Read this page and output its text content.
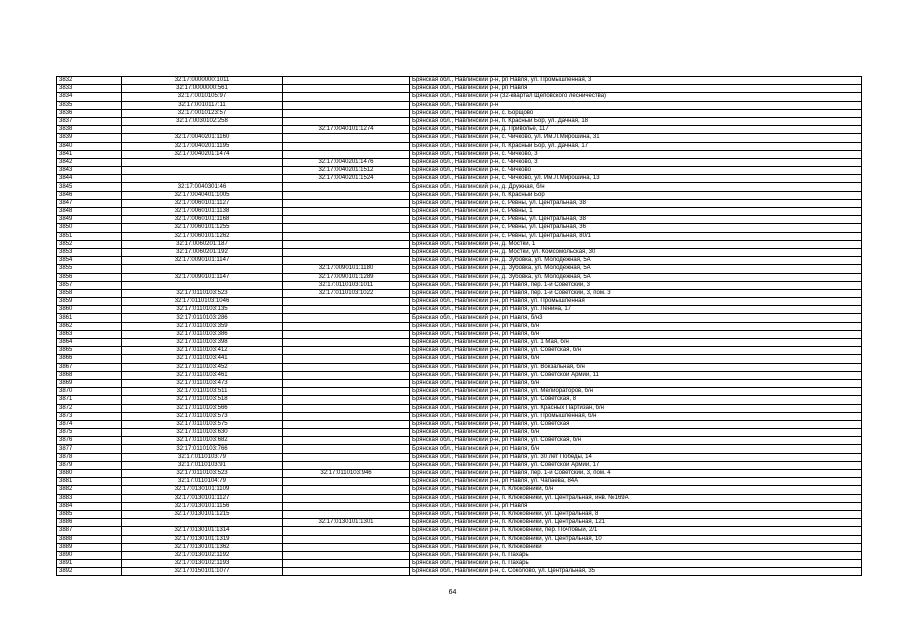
3832	32:17:0000000:1011		Брянская обл., Навлинский р-н, рп Навля, ул. Промышленная, 3
3833	32:17:0000000:561		Брянская обл., Навлинский р-н, рп Навля
3834	32:17:0010105:97		Брянская обл., Навлинский р-н (32-квартал Щеповского лесничества)
3835	32:17:0010117:11		Брянская обл., Навлинский р-н
3836	32:17:0010123:57		Брянская обл., Навлинский р-н, с. Борщово
3837	32:17:0030102:258		Брянская обл., Навлинский р-н, п. Красный Бор, ул. Дачная, 18
3838		32:17:0040101:1274	Брянская обл., Навлинский р-н, д. Приволье, 117
3839	32:17:0040201:1160		Брянская обл., Навлинский р-н, с. Чичково, ул. Им.Л.Мирошина, 31
3840	32:17:0040201:1195		Брянская обл., Навлинский р-н, п. Красный Бор, ул. Дачная, 17
3841	32:17:0040201:1474		Брянская обл., Навлинский р-н, с. Чичково, 3
3842		32:17:0040201:1476	Брянская обл., Навлинский р-н, с. Чичково, 3
3843		32:17:0040201:1512	Брянская обл., Навлинский р-н, с. Чичково
3844		32:17:0040201:1524	Брянская обл., Навлинский р-н, с. Чичково, ул. Им.Л.Мирошина, 13
3845	32:17:0040301:46		Брянская обл., Навлинский р-н, д. Дружная, б/н
3846	32:17:0040401:1005		Брянская обл., Навлинский р-н, п. Красный Бор
3847	32:17:0060101:1127		Брянская обл., Навлинский р-н, с. Ревны, ул. Центральная, 38
3848	32:17:0060101:1138		Брянская обл., Навлинский р-н, с. Ревны, 1
3849	32:17:0060101:1168		Брянская обл., Навлинский р-н, с. Ревны, ул. Центральная, 38
3850	32:17:0060101:1255		Брянская обл., Навлинский р-н, с. Ревны, ул. Центральная, 36
3851	32:17:0060101:1262		Брянская обл., Навлинский р-н, с. Ревны, ул. Центральная, 80/1
3852	32:17:0060201:187		Брянская обл., Навлинский р-н, д. Мостки, 1
3853	32:17:0060201:192		Брянская обл., Навлинский р-н, д. Мостки, ул. Комсомольская, 30
3854	32:17:0090101:1147		Брянская обл., Навлинский р-н, д. Зубовка, ул. Молодежная, 5А
3855		32:17:0090101:1180	Брянская обл., Навлинский р-н, д. Зубовка, ул. Молодежная, 5А
3856	32:17:0090101:1147	32:17:0090101:1289	Брянская обл., Навлинский р-н, д. Зубовка, ул. Молодежная, 5А
3857		32:17:0110103:1011	Брянская обл., Навлинский р-н, рп Навля, пер. 1-й Советский, 3
3858	32:17:0110103:523	32:17:0110103:1022	Брянская обл., Навлинский р-н, рп Навля, пер. 1-й Советский, 3, пом. 3
3859	32:17:0110103:1046		Брянская обл., Навлинский р-н, рп Навля, ул. Промышленная
3860	32:17:0110103:135		Брянская обл., Навлинский р-н, рп Навля, ул. Ленина, 17
3861	32:17:0110103:286		Брянская обл., Навлинский р-н, рп Навля, б/н3
3862	32:17:0110103:359		Брянская обл., Навлинский р-н, рп Навля, б/н
3863	32:17:0110103:386		Брянская обл., Навлинский р-н, рп Навля, б/н
3864	32:17:0110103:398		Брянская обл., Навлинский р-н, рп Навля, ул. 1 Мая, б/н
3865	32:17:0110103:412		Брянская обл., Навлинский р-н, рп Навля, ул. Советская, б/н
3866	32:17:0110103:441		Брянская обл., Навлинский р-н, рп Навля, б/н
3867	32:17:0110103:452		Брянская обл., Навлинский р-н, рп Навля, ул. Вокзальная, б/н
3868	32:17:0110103:461		Брянская обл., Навлинский р-н, рп Навля, ул. Советской Армии, 11
3869	32:17:0110103:473		Брянская обл., Навлинский р-н, рп Навля, б/н
3870	32:17:0110103:511		Брянская обл., Навлинский р-н, рп Навля, ул. Мелиораторов, б/н
3871	32:17:0110103:518		Брянская обл., Навлинский р-н, рп Навля, ул. Советская, 8
3872	32:17:0110103:566		Брянская обл., Навлинский р-н, рп Навля, ул. Красных Партизан, б/н
3873	32:17:0110103:573		Брянская обл., Навлинский р-н, рп Навля, ул. Промышленная, б/н
3874	32:17:0110103:575		Брянская обл., Навлинский р-н, рп Навля, ул. Советская
3875	32:17:0110103:630		Брянская обл., Навлинский р-н, рп Навля, б/н
3876	32:17:0110103:682		Брянская обл., Навлинский р-н, рп Навля, ул. Советская, б/н
3877	32:17:0110103:766		Брянская обл., Навлинский р-н, рп Навля, б/н
3878	32:17:0110103:79		Брянская обл., Навлинский р-н, рп Навля, ул. 30 лет Победы, 14
3879	32:17:0110103:91		Брянская обл., Навлинский р-н, рп Навля, ул. Советской Армии, 17
3880	32:17:0110103:523	32:17:0110103:946	Брянская обл., Навлинский р-н, рп Навля, пер. 1-й Советский, 3, пом. 4
3881	32:17:0110104:79		Брянская обл., Навлинский р-н, рп Навля, ул. Чапаева, 84А
3882	32:17:0130101:1109		Брянская обл., Навлинский р-н, п. Клюковники, б/н
3883	32:17:0130101:1127		Брянская обл., Навлинский р-н, п. Клюковники, ул. Центральная, инв. №169А
3884	32:17:0130101:1156		Брянская обл., Навлинский р-н, рп Навля
3885	32:17:0130101:1215		Брянская обл., Навлинский р-н, п. Клюковники, ул. Центральная, 8
3886		32:17:0130101:1301	Брянская обл., Навлинский р-н, п. Клюковники, ул. Центральная, 121
3887	32:17:0130101:1314		Брянская обл., Навлинский р-н, п. Клюковники, пер. Почтовый, 2/1
3888	32:17:0130101:1319		Брянская обл., Навлинский р-н, п. Клюковники, ул. Центральная, 10
3889	32:17:0130101:1362		Брянская обл., Навлинский р-н, п. Клюковники
3890	32:17:0130102:1192		Брянская обл., Навлинский р-н, п. Пахарь
3891	32:17:0130102:1193		Брянская обл., Навлинский р-н, п. Пахарь
3892	32:17:0150101:1077		Брянская обл., Навлинский р-н, с. Соколово, ул. Центральная, 35
64
